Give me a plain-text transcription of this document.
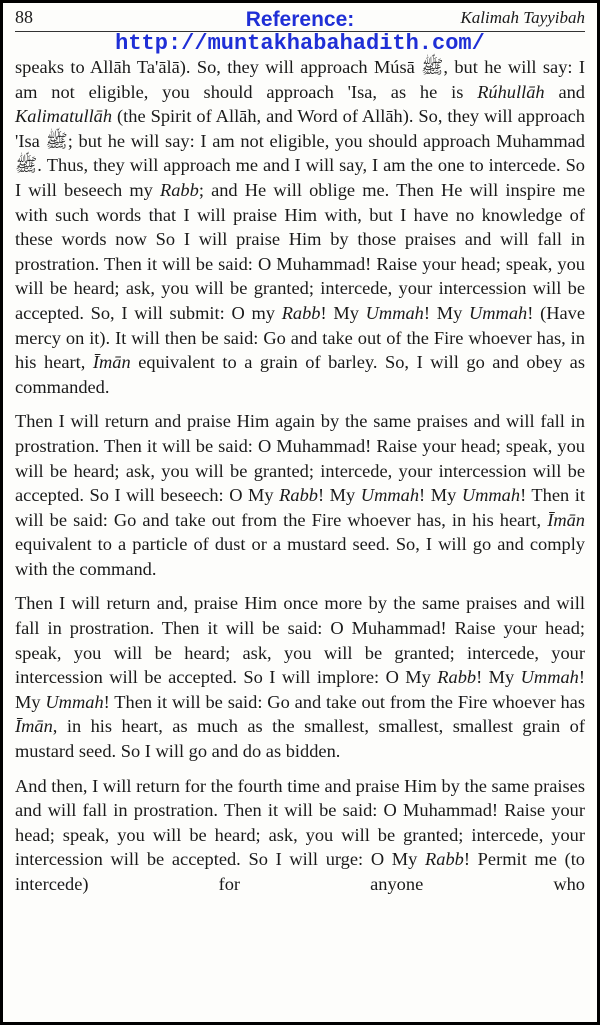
88	Kalimah Tayyibah
Reference:
http://muntakhabahadith.com/

speaks to Allāh Ta'ālā). So, they will approach Músā ﷺ, but he will say: I am not eligible, you should approach 'Isa, as he is Rúhullāh and Kalimatullāh (the Spirit of Allāh, and Word of Allāh). So, they will approach 'Isa ﷺ; but he will say: I am not eligible, you should approach Muhammad ﷺ. Thus, they will approach me and I will say, I am the one to intercede. So I will beseech my Rabb; and He will oblige me. Then He will inspire me with such words that I will praise Him with, but I have no knowledge of these words now So I will praise Him by those praises and will fall in prostration. Then it will be said: O Muhammad! Raise your head; speak, you will be heard; ask, you will be granted; intercede, your intercession will be accepted. So, I will submit: O my Rabb! My Ummah! My Ummah! (Have mercy on it). It will then be said: Go and take out of the Fire whoever has, in his heart, Īmān equivalent to a grain of barley. So, I will go and obey as commanded.

Then I will return and praise Him again by the same praises and will fall in prostration. Then it will be said: O Muhammad! Raise your head; speak, you will be heard; ask, you will be granted; intercede, your intercession will be accepted. So I will beseech: O My Rabb! My Ummah! My Ummah! Then it will be said: Go and take out from the Fire whoever has, in his heart, Īmān equivalent to a particle of dust or a mustard seed. So, I will go and comply with the command.

Then I will return and, praise Him once more by the same praises and will fall in prostration. Then it will be said: O Muhammad! Raise your head; speak, you will be heard; ask, you will be granted; intercede, your intercession will be accepted. So I will implore: O My Rabb! My Ummah! My Ummah! Then it will be said: Go and take out from the Fire whoever has Īmān, in his heart, as much as the smallest, smallest, smallest grain of mustard seed. So I will go and do as bidden.

And then, I will return for the fourth time and praise Him by the same praises and will fall in prostration. Then it will be said: O Muhammad! Raise your head; speak, you will be heard; ask, you will be granted; intercede, your intercession will be accepted. So I will urge: O My Rabb! Permit me (to intercede) for anyone who
